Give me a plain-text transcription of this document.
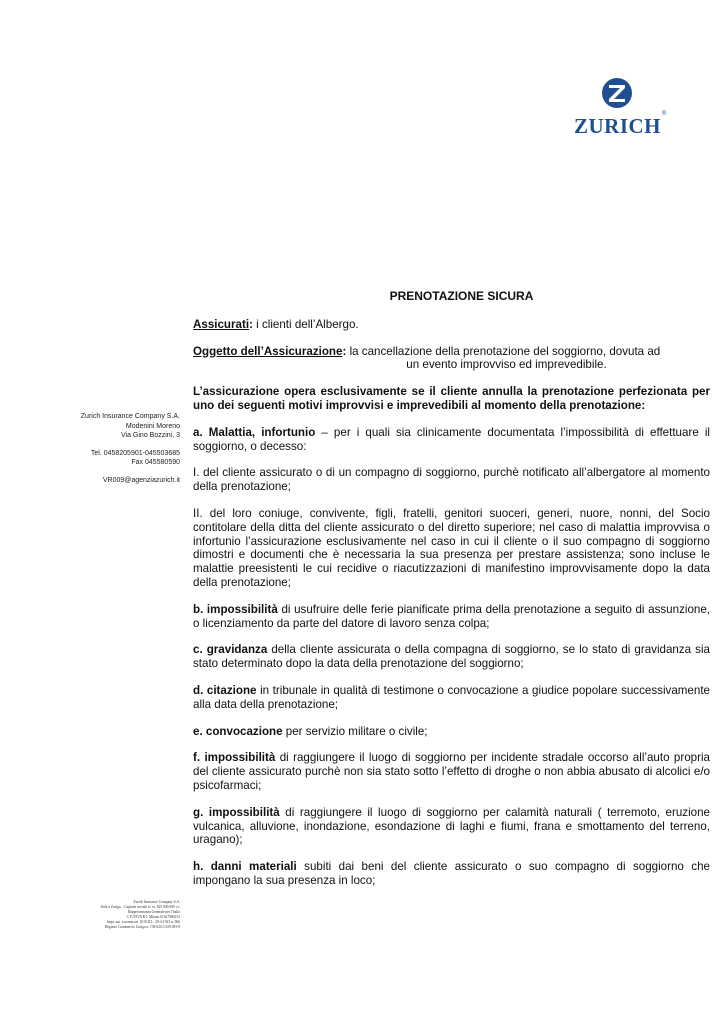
ZURICH ®
Zurich Insurance Company S.A.
Modenini Moreno
Via Gino Bozzini, 3
Tel. 0458205901-045503685
Fax 045580590
VR009@agenziazurich.it
Zurich Insurance Company S.A.
Sede a Zurigo – Capitale sociale fr. sv. 825.000.000 i.v.
Rappresentanza Generale per l'Italia
C.F./P.IVA R.I. Milano 01627980152
Impr. aut. a norma art. 65 R.D.L. 29-4-1923 n. 966
Registro Commercio Zurigo n. CH-020.3.929.583-8
PRENOTAZIONE SICURA

Assicurati: i clienti dell’Albergo.

Oggetto dell’Assicurazione: la cancellazione della prenotazione del soggiorno, dovuta ad
un evento improvviso ed imprevedibile.

L’assicurazione opera esclusivamente se il cliente annulla la prenotazione perfezionata per uno dei seguenti motivi improvvisi e imprevedibili al momento della prenotazione:

a. Malattia, infortunio – per i quali sia clinicamente documentata l’impossibilità di effettuare il soggiorno, o decesso:

I. del cliente assicurato o di un compagno di soggiorno, purchè notificato all’albergatore al momento della prenotazione;

II. del loro coniuge, convivente, figli, fratelli, genitori suoceri, generi, nuore, nonni, del Socio contitolare della ditta del cliente assicurato o del diretto superiore; nel caso di malattia improvvisa o infortunio l’assicurazione esclusivamente nel caso in cui il cliente o il suo compagno di soggiorno dimostri e documenti che è necessaria la sua presenza per prestare assistenza; sono incluse le malattie preesistenti le cui recidive o riacutizzazioni di manifestino improvvisamente dopo la data della prenotazione;

b. impossibilità di usufruire delle ferie pianificate prima della prenotazione a seguito di assunzione, o licenziamento da parte del datore di lavoro senza colpa;

c. gravidanza della cliente assicurata o della compagna di soggiorno, se lo stato di gravidanza sia stato determinato dopo la data della prenotazione del soggiorno;

d. citazione in tribunale in qualità di testimone o convocazione a giudice popolare successivamente alla data della prenotazione;

e. convocazione per servizio militare o civile;

f. impossibilità di raggiungere il luogo di soggiorno per incidente stradale occorso all’auto propria del cliente assicurato purchè non sia stato sotto l’effetto di droghe o non abbia abusato di alcolici e/o psicofarmaci;

g. impossibilità di raggiungere il luogo di soggiorno per calamità naturali ( terremoto, eruzione vulcanica, alluvione, inondazione, esondazione di laghi e fiumi, frana e smottamento del terreno, uragano);

h. danni materiali subiti dai beni del cliente assicurato o suo compagno di soggiorno che impongano la sua presenza in loco;
